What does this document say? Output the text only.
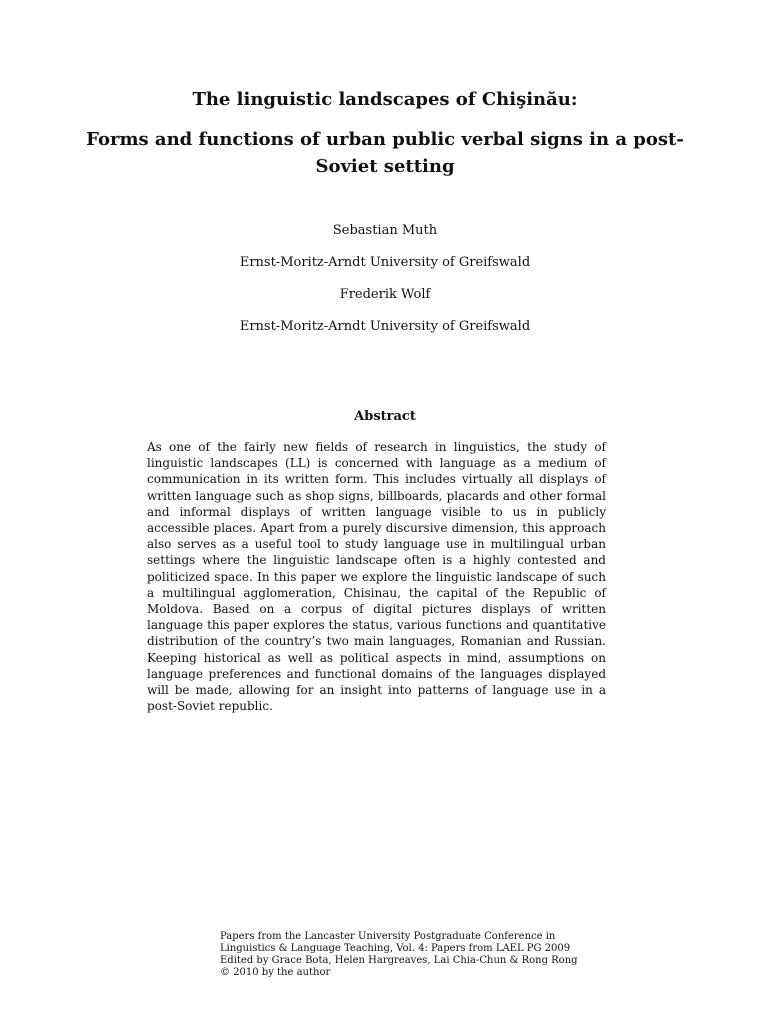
The linguistic landscapes of Chişinău:
Forms and functions of urban public verbal signs in a post-Soviet setting

Sebastian Muth

Ernst-Moritz-Arndt University of Greifswald

Frederik Wolf

Ernst-Moritz-Arndt University of Greifswald

Abstract

As one of the fairly new fields of research in linguistics, the study of linguistic landscapes (LL) is concerned with language as a medium of communication in its written form. This includes virtually all displays of written language such as shop signs, billboards, placards and other formal and informal displays of written language visible to us in publicly accessible places. Apart from a purely discursive dimension, this approach also serves as a useful tool to study language use in multilingual urban settings where the linguistic landscape often is a highly contested and politicized space. In this paper we explore the linguistic landscape of such a multilingual agglomeration, Chisinau, the capital of the Republic of Moldova. Based on a corpus of digital pictures displays of written language this paper explores the status, various functions and quantitative distribution of the country’s two main languages, Romanian and Russian. Keeping historical as well as political aspects in mind, assumptions on language preferences and functional domains of the languages displayed will be made, allowing for an insight into patterns of language use in a post-Soviet republic.

Papers from the Lancaster University Postgraduate Conference in
Linguistics & Language Teaching, Vol. 4: Papers from LAEL PG 2009
Edited by Grace Bota, Helen Hargreaves, Lai Chia-Chun & Rong Rong
© 2010 by the author
